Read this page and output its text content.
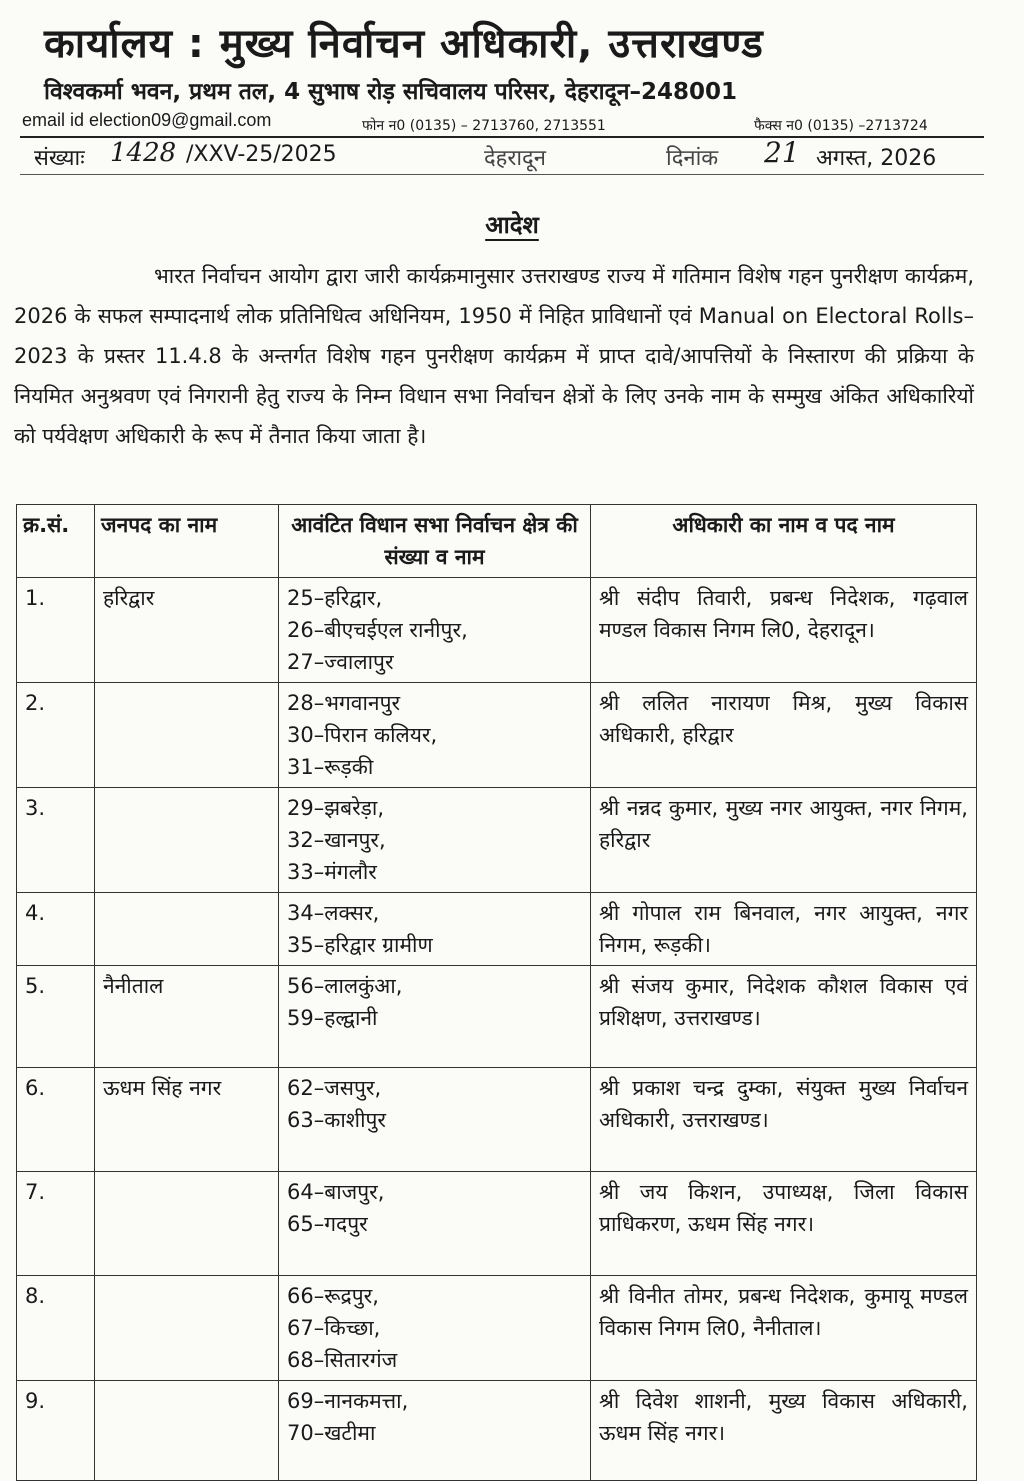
कार्यालय : मुख्य निर्वाचन अधिकारी, उत्तराखण्ड
विश्वकर्मा भवन, प्रथम तल, 4 सुभाष रोड़ सचिवालय परिसर, देहरादून–248001
email id election09@gmail.com	फोन न0 (0135) – 2713760, 2713551	फैक्स न0 (0135) –2713724
संख्याः 1428 /XXV-25/2025	देहरादून	दिनांक 21 अगस्त, 2026
आदेश
भारत निर्वाचन आयोग द्वारा जारी कार्यक्रमानुसार उत्तराखण्ड राज्य में गतिमान विशेष गहन पुनरीक्षण कार्यक्रम, 2026 के सफल सम्पादनार्थ लोक प्रतिनिधित्व अधिनियम, 1950 में निहित प्राविधानों एवं Manual on Electoral Rolls–2023 के प्रस्तर 11.4.8 के अन्तर्गत विशेष गहन पुनरीक्षण कार्यक्रम में प्राप्त दावे/आपत्तियों के निस्तारण की प्रक्रिया के नियमित अनुश्रवण एवं निगरानी हेतु राज्य के निम्न विधान सभा निर्वाचन क्षेत्रों के लिए उनके नाम के सम्मुख अंकित अधिकारियों को पर्यवेक्षण अधिकारी के रूप में तैनात किया जाता है।
क्र.सं.	जनपद का नाम	आवंटित विधान सभा निर्वाचन क्षेत्र की संख्या व नाम	अधिकारी का नाम व पद नाम
1.	हरिद्वार	25–हरिद्वार,
26–बीएचईएल रानीपुर,
27–ज्वालापुर	श्री संदीप तिवारी, प्रबन्ध निदेशक, गढ़वाल मण्डल विकास निगम लि0, देहरादून।
2.		28–भगवानपुर
30–पिरान कलियर,
31–रूड़की	श्री ललित नारायण मिश्र, मुख्य विकास अधिकारी, हरिद्वार
3.		29–झबरेड़ा,
32–खानपुर,
33–मंगलौर	श्री नन्नद कुमार, मुख्य नगर आयुक्त, नगर निगम, हरिद्वार
4.		34–लक्सर,
35–हरिद्वार ग्रामीण	श्री गोपाल राम बिनवाल, नगर आयुक्त, नगर निगम, रूड़की।
5.	नैनीताल	56–लालकुंआ,
59–हल्द्वानी	श्री संजय कुमार, निदेशक कौशल विकास एवं प्रशिक्षण, उत्तराखण्ड।
6.	ऊधम सिंह नगर	62–जसपुर,
63–काशीपुर	श्री प्रकाश चन्द्र दुम्का, संयुक्त मुख्य निर्वाचन अधिकारी, उत्तराखण्ड।
7.		64–बाजपुर,
65–गदपुर	श्री जय किशन, उपाध्यक्ष, जिला विकास प्राधिकरण, ऊधम सिंह नगर।
8.		66–रूद्रपुर,
67–किच्छा,
68–सितारगंज	श्री विनीत तोमर, प्रबन्ध निदेशक, कुमायू मण्डल विकास निगम लि0, नैनीताल।
9.		69–नानकमत्ता,
70–खटीमा	श्री दिवेश शाशनी, मुख्य विकास अधिकारी, ऊधम सिंह नगर।
